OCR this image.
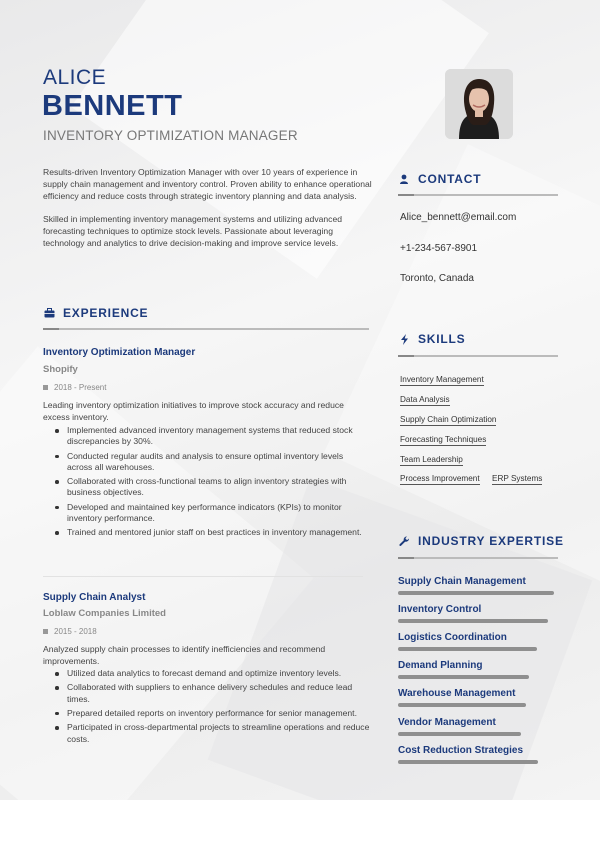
ALICE
BENNETT
INVENTORY OPTIMIZATION MANAGER

Results-driven Inventory Optimization Manager with over 10 years of experience in supply chain management and inventory control. Proven ability to enhance operational efficiency and reduce costs through strategic inventory planning and data analysis.

Skilled in implementing inventory management systems and utilizing advanced forecasting techniques to optimize stock levels. Passionate about leveraging technology and analytics to drive decision-making and improve service levels.

EXPERIENCE
Inventory Optimization Manager
Shopify
2018 - Present
Leading inventory optimization initiatives to improve stock accuracy and reduce excess inventory.
Implemented advanced inventory management systems that reduced stock discrepancies by 30%.
Conducted regular audits and analysis to ensure optimal inventory levels across all warehouses.
Collaborated with cross-functional teams to align inventory strategies with business objectives.
Developed and maintained key performance indicators (KPIs) to monitor inventory performance.
Trained and mentored junior staff on best practices in inventory management.
Supply Chain Analyst
Loblaw Companies Limited
2015 - 2018
Analyzed supply chain processes to identify inefficiencies and recommend improvements.
Utilized data analytics to forecast demand and optimize inventory levels.
Collaborated with suppliers to enhance delivery schedules and reduce lead times.
Prepared detailed reports on inventory performance for senior management.
Participated in cross-departmental projects to streamline operations and reduce costs.
CONTACT
Alice_bennett@email.com
+1-234-567-8901
Toronto, Canada
SKILLS
Inventory Management
Data Analysis
Supply Chain Optimization
Forecasting Techniques
Team Leadership
Process Improvement ERP Systems
INDUSTRY EXPERTISE
Supply Chain Management
Inventory Control
Logistics Coordination
Demand Planning
Warehouse Management
Vendor Management
Cost Reduction Strategies
